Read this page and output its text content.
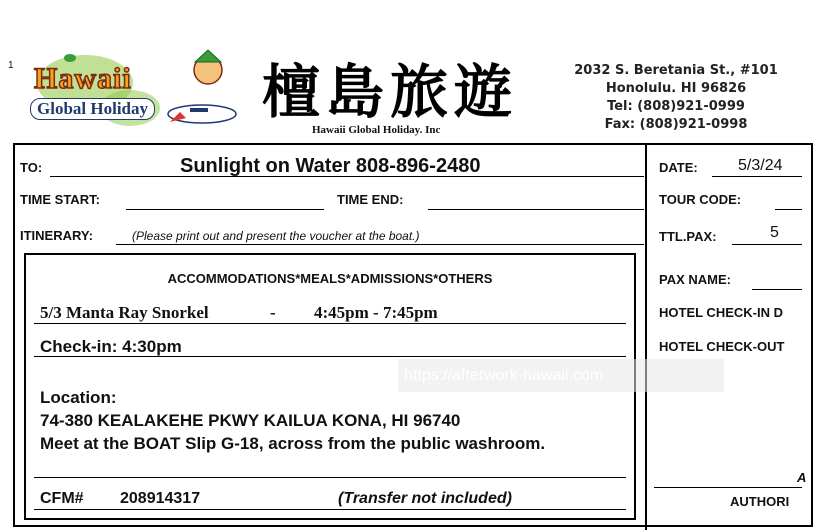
1 Hawaii
Global Holiday 檀島旅遊
Hawaii Global Holiday. Inc
2032 S. Beretania St., #101
Honolulu. HI 96826
Tel: (808)921-0999
Fax: (808)921-0998
TO:	Sunlight on Water 808-896-2480
TIME START:	TIME END:
ITINERARY:	(Please print out and present the voucher at the boat.)
DATE:	5/3/24
TOUR CODE:
TTL.PAX:	5
PAX NAME:
HOTEL CHECK-IN D
HOTEL CHECK-OUT
A
AUTHORI
ACCOMMODATIONS*MEALS*ADMISSIONS*OTHERS
5/3 Manta Ray Snorkel	- 4:45pm - 7:45pm
Check-in: 4:30pm
Location:
74-380 KEALAKEHE PKWY KAILUA KONA, HI 96740
Meet at the BOAT Slip G-18, across from the public washroom.
CFM# 208914317	(Transfer not included)
https://afterwork-hawaii.com
